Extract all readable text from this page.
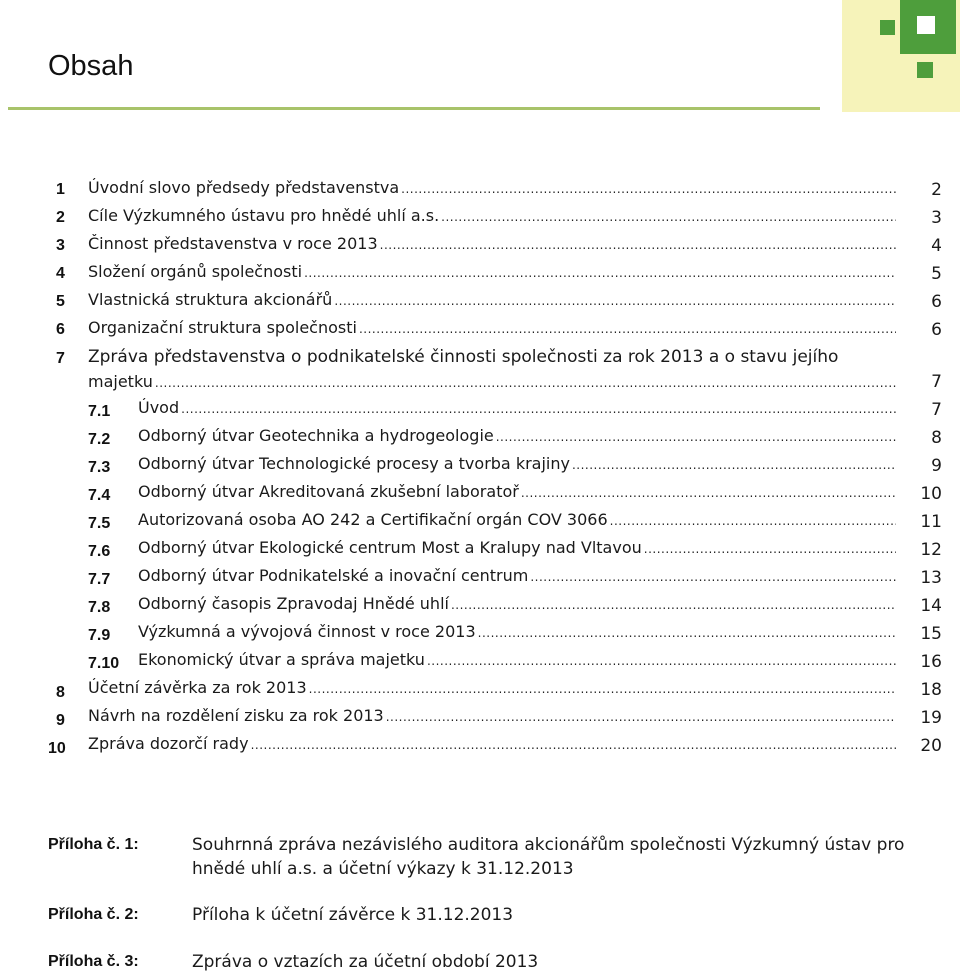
Obsah
1 Úvodní slovo předsedy představenstva .....	2
2 Cíle Výzkumného ústavu pro hnědé uhlí a.s. .....	3
3 Činnost představenstva v roce 2013 .....	4
4 Složení orgánů společnosti .....	5
5 Vlastnická struktura akcionářů .....	6
6 Organizační struktura společnosti .....	6
7 Zpráva představenstva o podnikatelské činnosti společnosti za rok 2013 a o stavu jejího
majetku .....	7
7.1 Úvod .....	7
7.2 Odborný útvar Geotechnika a hydrogeologie .....	8
7.3 Odborný útvar Technologické procesy a tvorba krajiny .....	9
7.4 Odborný útvar Akreditovaná zkušební laboratoř .....	10
7.5 Autorizovaná osoba AO 242 a Certifikační orgán COV 3066 .....	11
7.6 Odborný útvar Ekologické centrum Most a Kralupy nad Vltavou .....	12
7.7 Odborný útvar Podnikatelské a inovační centrum .....	13
7.8 Odborný časopis Zpravodaj Hnědé uhlí .....	14
7.9 Výzkumná a vývojová činnost v roce 2013 .....	15
7.10 Ekonomický útvar a správa majetku .....	16
8 Účetní závěrka za rok 2013 .....	18
9 Návrh na rozdělení zisku za rok 2013 .....	19
10 Zpráva dozorčí rady .....	20
Příloha č. 1:	Souhrnná zpráva nezávislého auditora akcionářům společnosti Výzkumný ústav pro hnědé uhlí a.s. a účetní výkazy k 31.12.2013
Příloha č. 2:	Příloha k účetní závěrce k 31.12.2013
Příloha č. 3:	Zpráva o vztazích za účetní období 2013
